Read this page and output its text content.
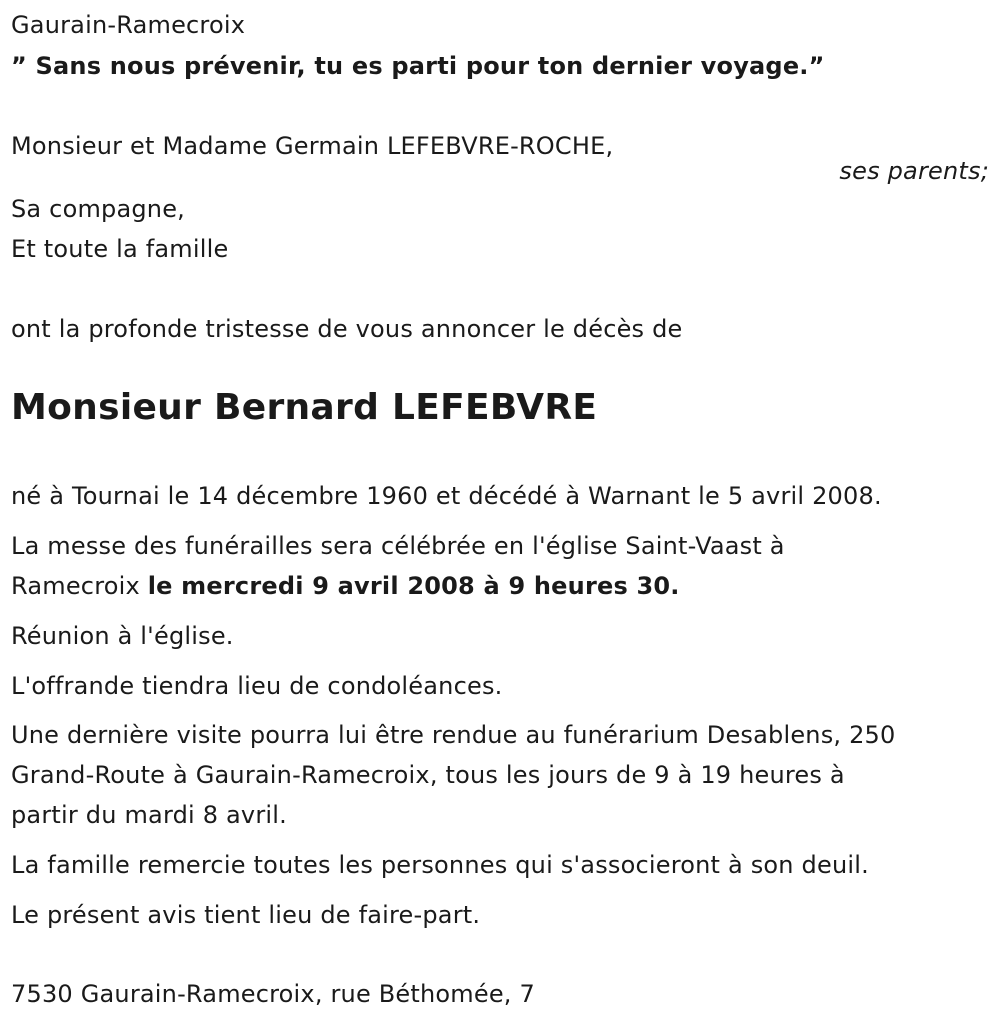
Gaurain-Ramecroix
” Sans nous prévenir, tu es parti pour ton dernier voyage.”
Monsieur et Madame Germain LEFEBVRE-ROCHE,
ses parents;
Sa compagne,
Et toute la famille
ont la profonde tristesse de vous annoncer le décès de
Monsieur Bernard LEFEBVRE
né à Tournai le 14 décembre 1960 et décédé à Warnant le 5 avril 2008.
La messe des funérailles sera célébrée en l'église Saint-Vaast à
Ramecroix le mercredi 9 avril 2008 à 9 heures 30.
Réunion à l'église.
L'offrande tiendra lieu de condoléances.
Une dernière visite pourra lui être rendue au funérarium Desablens, 250
Grand-Route à Gaurain-Ramecroix, tous les jours de 9 à 19 heures à
partir du mardi 8 avril.
La famille remercie toutes les personnes qui s'associeront à son deuil.
Le présent avis tient lieu de faire-part.
7530 Gaurain-Ramecroix, rue Béthomée, 7
